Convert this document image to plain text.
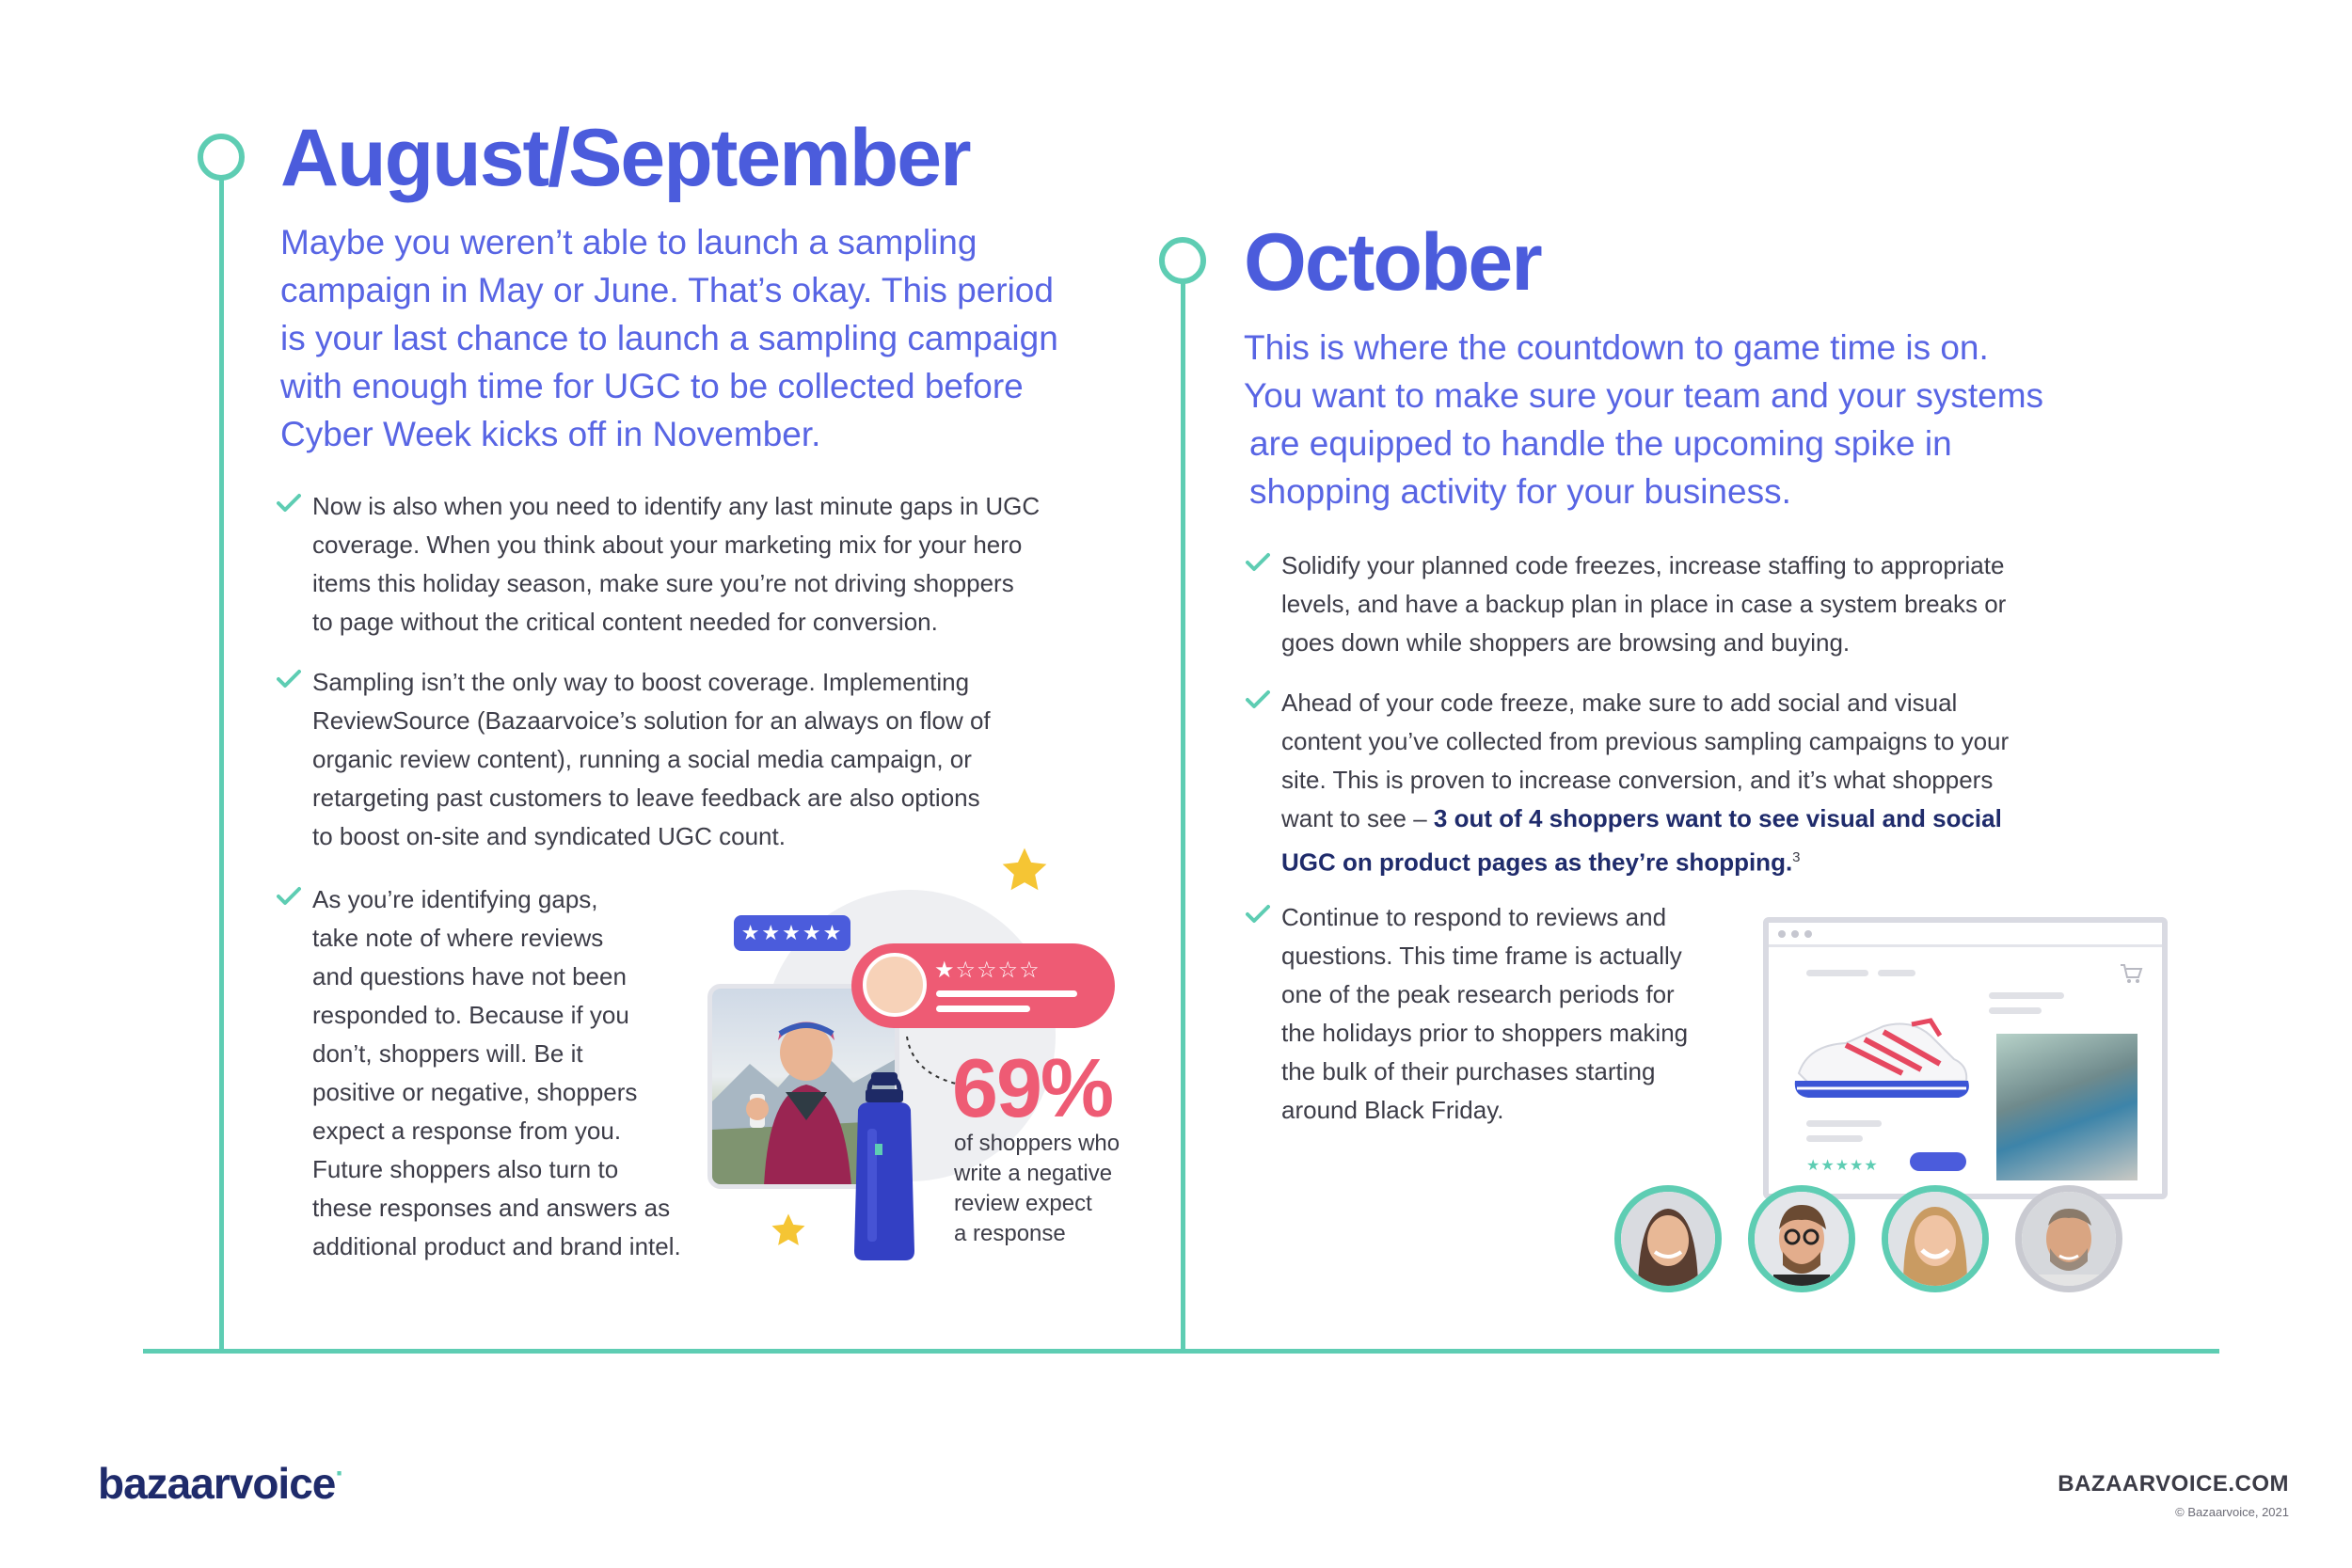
August/September
Maybe you weren’t able to launch a sampling
campaign in May or June. That’s okay. This period
is your last chance to launch a sampling campaign
with enough time for UGC to be collected before
Cyber Week kicks off in November.
Now is also when you need to identify any last minute gaps in UGC
coverage. When you think about your marketing mix for your hero
items this holiday season, make sure you’re not driving shoppers
to page without the critical content needed for conversion.
Sampling isn’t the only way to boost coverage. Implementing
ReviewSource (Bazaarvoice’s solution for an always on flow of
organic review content), running a social media campaign, or
retargeting past customers to leave feedback are also options
to boost on-site and syndicated UGC count.
As you’re identifying gaps,
take note of where reviews
and questions have not been
responded to. Because if you
don’t, shoppers will. Be it
positive or negative, shoppers
expect a response from you.
Future shoppers also turn to
these responses and answers as
additional product and brand intel.
★★★★★
★☆☆☆☆
69%
of shoppers who
write a negative
review expect
a response
October
This is where the countdown to game time is on.
You want to make sure your team and your systems
are equipped to handle the upcoming spike in
shopping activity for your business.
Solidify your planned code freezes, increase staffing to appropriate
levels, and have a backup plan in place in case a system breaks or
goes down while shoppers are browsing and buying.
Ahead of your code freeze, make sure to add social and visual
content you’ve collected from previous sampling campaigns to your
site. This is proven to increase conversion, and it’s what shoppers
want to see – 3 out of 4 shoppers want to see visual and social
UGC on product pages as they’re shopping.$^3$
Continue to respond to reviews and
questions. This time frame is actually
one of the peak research periods for
the holidays prior to shoppers making
the bulk of their purchases starting
around Black Friday.
★★★★★
bazaarvoice·	BAZAARVOICE.COM
© Bazaarvoice, 2021
